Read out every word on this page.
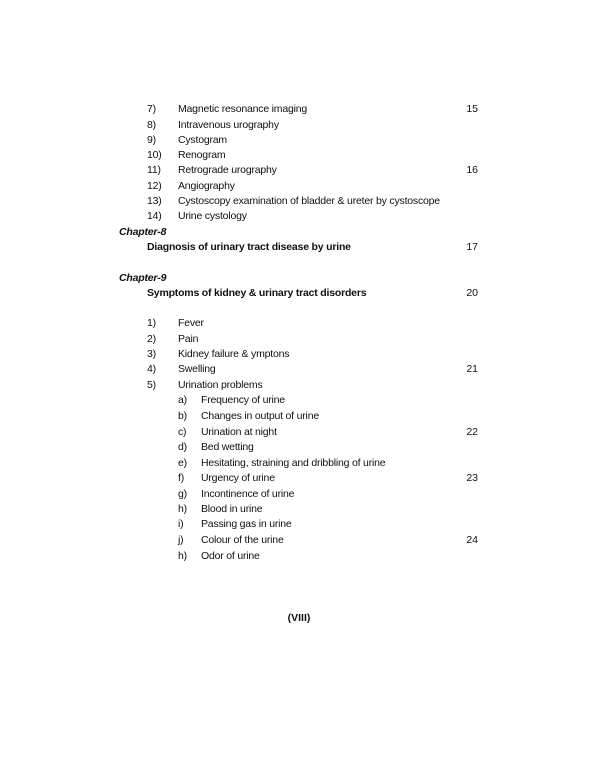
7) Magnetic resonance imaging	15
8) Intravenous urography
9) Cystogram
10) Renogram
11) Retrograde urography	16
12) Angiography
13) Cystoscopy examination of bladder & ureter by cystoscope
14) Urine cystology
Chapter-8
Diagnosis of urinary tract disease by urine	17
Chapter-9
Symptoms of kidney & urinary tract disorders	20
1) Fever
2) Pain
3) Kidney failure & ymptons
4) Swelling	21
5) Urination problems
a) Frequency of urine
b) Changes in output of urine
c) Urination at night	22
d) Bed wetting
e) Hesitating, straining and dribbling of urine
f) Urgency of urine	23
g) Incontinence of urine
h) Blood in urine
i) Passing gas in urine
j) Colour of the urine	24
h) Odor of urine
(VIII)
